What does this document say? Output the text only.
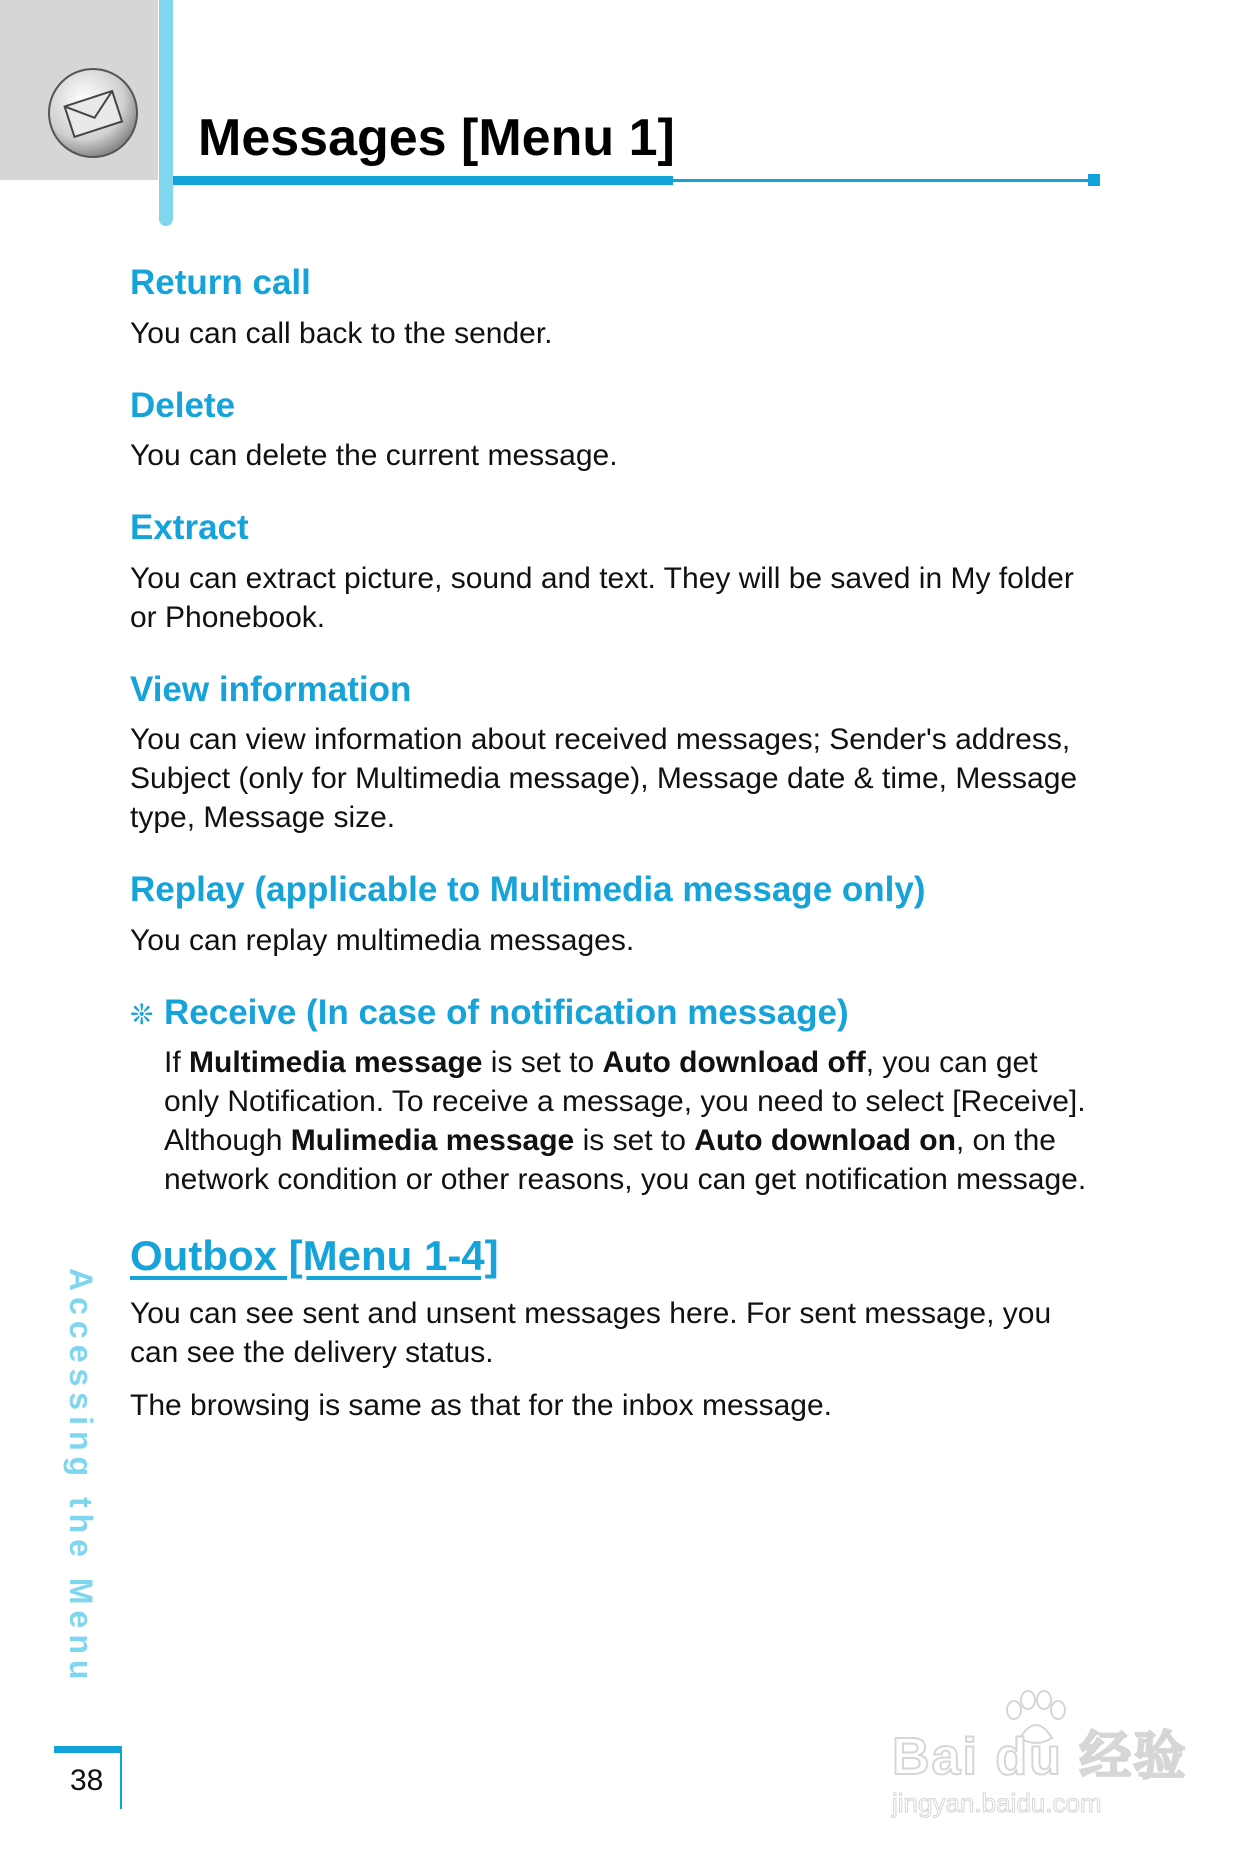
Messages [Menu 1]
Return call

You can call back to the sender.

Delete

You can delete the current message.

Extract

You can extract picture, sound and text. They will be saved in My folder or Phonebook.

View information

You can view information about received messages; Sender's address, Subject (only for Multimedia message), Message date & time, Message type, Message size.

Replay (applicable to Multimedia message only)

You can replay multimedia messages.

❊ Receive (In case of notification message)

If Multimedia message is set to Auto download off, you can get only Notification. To receive a message, you need to select [Receive]. Although Mulimedia message is set to Auto download on, on the network condition or other reasons, you can get notification message.

Outbox [Menu 1-4]

You can see sent and unsent messages here. For sent message, you can see the delivery status.

The browsing is same as that for the inbox message.

Accessing the Menu
38	Bai du 经验
jingyan.baidu.com
